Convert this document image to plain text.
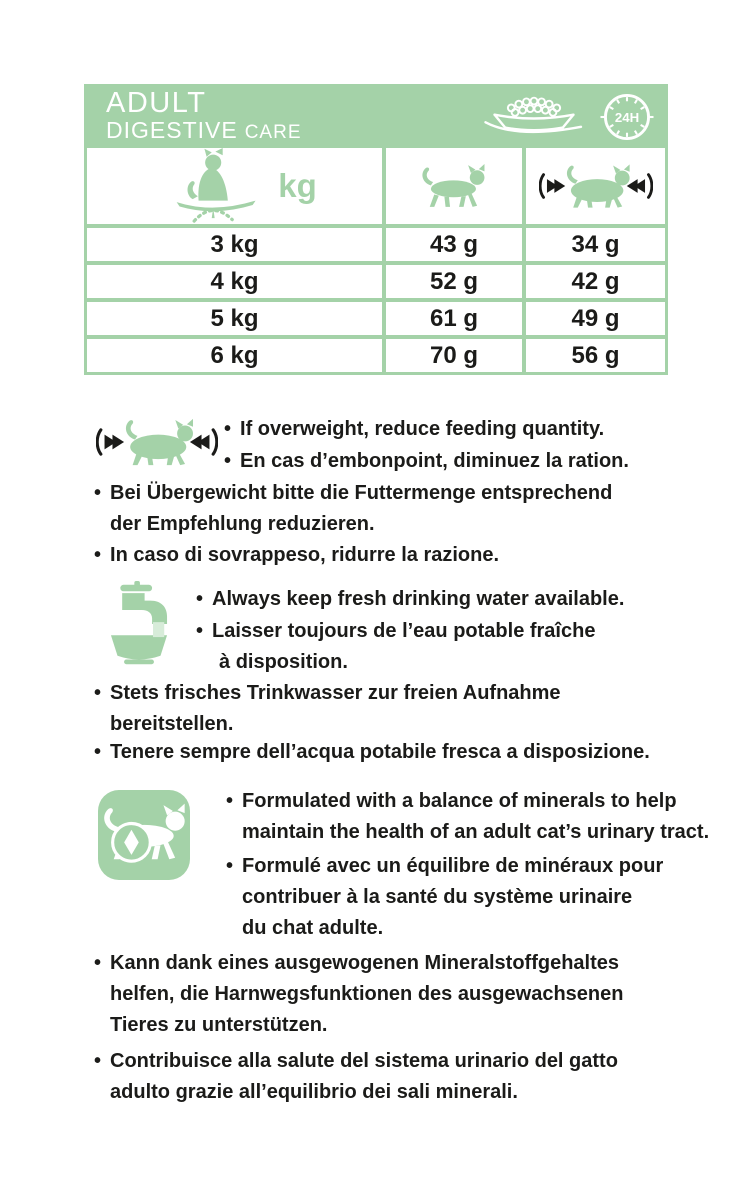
ADULT
DIGESTIVE CARE
24H
kg
3 kg	43 g	34 g
4 kg	52 g	42 g
5 kg	61 g	49 g
6 kg	70 g	56 g
• If overweight, reduce feeding quantity.
• En cas d’embonpoint, diminuez la ration.
• Bei Übergewicht bitte die Futtermenge entsprechend
der Empfehlung reduzieren.
• In caso di sovrappeso, ridurre la razione.
• Always keep fresh drinking water available.
• Laisser toujours de l’eau potable fraîche
à disposition.
• Stets frisches Trinkwasser zur freien Aufnahme
bereitstellen.
• Tenere sempre dell’acqua potabile fresca a disposizione.
• Formulated with a balance of minerals to help
maintain the health of an adult cat’s urinary tract.
• Formulé avec un équilibre de minéraux pour
contribuer à la santé du système urinaire
du chat adulte.
• Kann dank eines ausgewogenen Mineralstoffgehaltes
helfen, die Harnwegsfunktionen des ausgewachsenen
Tieres zu unterstützen.
• Contribuisce alla salute del sistema urinario del gatto
adulto grazie all’equilibrio dei sali minerali.
